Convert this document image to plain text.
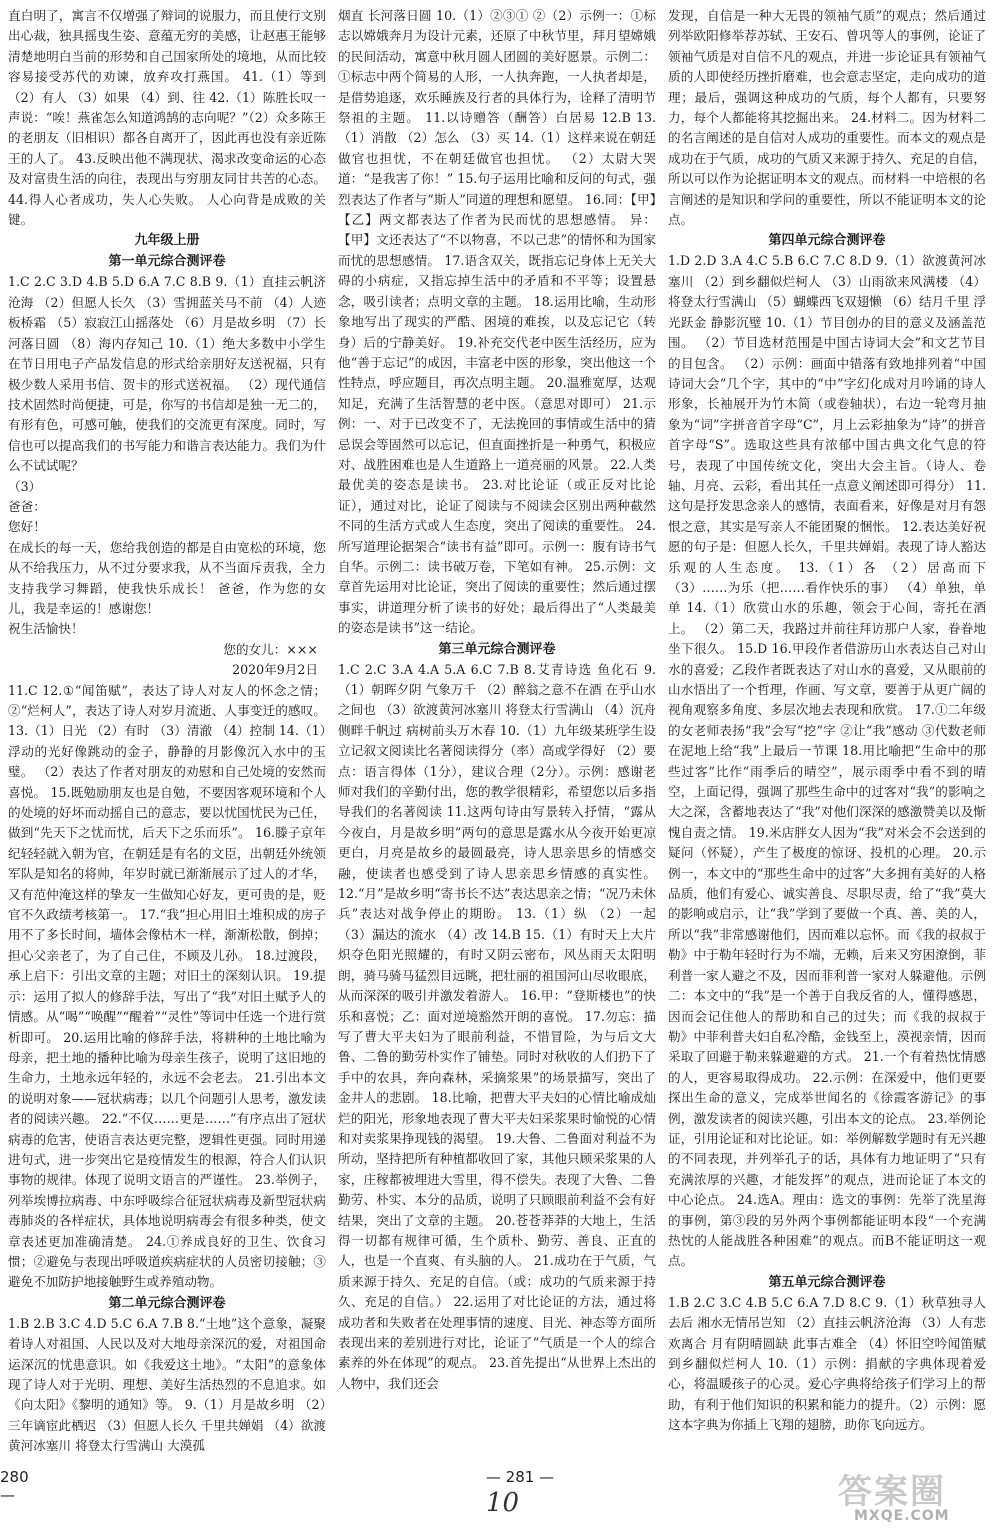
直白明了，寓言不仅增强了辩词的说服力，而且使行文别出心裁，独具摇曳生姿、意蕴无穷的美感，让赵惠王能够清楚地明白当前的形势和自己国家所处的境地，从而比较容易接受苏代的劝谏，放弃攻打燕国。 41.（1）等到 （2）有人 （3）如果 （4）到、往 42.（1）陈胜长叹一声说：“唉！燕雀怎么知道鸿鹄的志向呢？”（2）众多陈王的老朋友（旧相识）都各自离开了，因此再也没有亲近陈王的人了。 43.反映出他不满现状、渴求改变命运的心态及对富贵生活的向往，表现出与穷朋友同甘共苦的心态。 44.得人心者成功，失人心失败。 人心向背是成败的关键。

九年级上册

第一单元综合测评卷

1.C 2.C 3.D 4.B 5.D 6.A 7.C 8.B 9.（1）直挂云帆济沧海 （2）但愿人长久 （3）雪拥蓝关马不前 （4）人迹板桥霜 （5）寂寂江山摇落处 （6）月是故乡明 （7）长河落日圆 （8）海内存知己 10.（1）绝大多数中小学生在节日用电子产品发信息的形式给亲朋好友送祝福，只有极少数人采用书信、贺卡的形式送祝福。 （2）现代通信技术固然时尚便捷，可是，你写的书信却是独一无二的，有形有色，可感可触，使我们的交流更有深度。同时，写信也可以提高我们的书写能力和谐言表达能力。我们为什么不试试呢？

（3）

爸爸：

您好！

在成长的每一天，您给我创造的都是自由宽松的环境，您从不给我压力，从不过分要求我，从不当面斥责我，全力支持我学习舞蹈，使我快乐成长！ 爸爸，作为您的女儿，我是幸运的！感谢您！

祝生活愉快！

您的女儿：×××

2020年9月2日

11.C 12.①“闻笛赋”，表达了诗人对友人的怀念之情；②“烂柯人”，表达了诗人对岁月流逝、人事变迁的感叹。 13.（1）日光 （2）有时 （3）清澈 （4）控制 14.（1）浮动的光好像跳动的金子，静静的月影像沉入水中的玉璧。 （2）表达了作者对朋友的劝慰和自己处境的安然而喜悦。 15.既勉励朋友也是自勉，不要因客观环境和个人的处境的好坏而动摇自己的意志，要以忧国忧民为己任，做到“先天下之忧而忧，后天下之乐而乐”。 16.滕子京年纪轻轻就入朝为官，在朝廷是有名的文臣，出朝廷外统领军队是知名的将帅，年岁时就已渐渐展示了过人的才华，又有范仲淹这样的挚友一生做知心好友，更可贵的是，贬官不久政绩考核第一。 17.“我”担心用旧土堆积成的房子用不了多长时间，墙体会像枯木一样，渐渐松散，倒掉；担心父亲老了，为了自己住，不顾及儿孙。 18.过渡段，承上启下：引出文章的主题；对旧土的深刻认识。 19.提示：运用了拟人的修辞手法，写出了“我”对旧土赋予人的情感。从“喝”“唤醒”“醒着”“灵性”等词中任选一个进行赏析即可。 20.运用比喻的修辞手法，将耕种的土地比喻为母亲，把土地的播种比喻为母亲生孩子，说明了这旧地的生命力，土地永远年轻的，永远不会老去。 21.引出本文的说明对象——冠状病毒；以几个问题引人思考，激发读者的阅读兴趣。 22.“不仅……更是……”有序点出了冠状病毒的危害，使语言表达更完整，逻辑性更强。同时用递进句式，进一步突出它是疫情发生的根源，符合人们认识事物的规律。体现了说明文语言的严谨性。 23.举例子，列举埃博拉病毒、中东呼吸综合征冠状病毒及新型冠状病毒肺炎的各样症状，具体地说明病毒会有很多种类，使文章表述更加准确清楚。 24.①养成良好的卫生、饮食习惯；②避免与表现出呼吸道疾病症状的人员密切接触；③避免不加防护地接触野生或养殖动物。

第二单元综合测评卷

1.B 2.B 3.C 4.D 5.C 6.A 7.B 8.“土地”这个意象，凝聚着诗人对祖国、人民以及对大地母亲深沉的爱，对祖国命运深沉的忧患意识。如《我爱这土地》。“太阳”的意象体现了诗人对于光明、理想、美好生活热烈的不息追求。如《向太阳》《黎明的通知》等。 9.（1）月是故乡明 （2）三年谪宦此栖迟 （3）但愿人长久 千里共婵娟 （4）欲渡黄河冰塞川 将登太行雪满山 大漠孤

烟直 长河落日圆 10.（1）②③① ②（2）示例一：①标志以嫦娥奔月为设计元素，还原了中秋节里，拜月望嫦娥的民间活动，寓意中秋月圆人团圆的美好愿景。示例二：①标志中两个简易的人形，一人执奔跑，一人执者却是，是借势追逐，欢乐睡族及行者的具体行为，诠释了清明节祭祖的主题。 11.以诗赠答（酬答）白居易 12.B 13.（1）消散 （2）怎么 （3）买 14.（1）这样来说在朝廷做官也担忧，不在朝廷做官也担忧。 （2）太尉大哭道：“是我害了你！” 15.句子运用比喻和反问的句式，强烈表达了作者与“斯人”同道的理想和愿望。 16.同：【甲】【乙】两文都表达了作者为民而忧的思想感情。 异：【甲】文还表达了“不以物喜，不以己悲”的情怀和为国家而忧的思想感情。 17.语含双关，既指忘记身体上无关大碍的小病症，又指忘掉生活中的矛盾和不平等；设置悬念，吸引读者；点明文章的主题。 18.运用比喻，生动形象地写出了现实的严酷、困境的难挨，以及忘记它（转身）后的宁静美好。 19.补充交代老中医生活经历，应为他“善于忘记”的成因，丰富老中医的形象，突出他这一个性特点，呼应题目，再次点明主题。 20.温雅宽厚，达观知足，充满了生活智慧的老中医。（意思对即可） 21.示例：一、对于已改变不了，无法挽回的事情或生活中的猜忌误会等固然可以忘记，但直面挫折是一种勇气，积极应对、战胜困难也是人生道路上一道亮丽的风景。 22.人类最优美的姿态是读书。 23.对比论证（或正反对比论证），通过对比，论证了阅读与不阅读会区别出两种截然不同的生活方式或人生态度，突出了阅读的重要性。 24.所写道理论据架合“读书有益”即可。示例一：腹有诗书气自华。示例二：读书破万卷，下笔如有神。 25.示例：文章首先运用对比论证，突出了阅读的重要性；然后通过摆事实，讲道理分析了读书的好处；最后得出了“人类最美的姿态是读书”这一结论。

第三单元综合测评卷

1.C 2.C 3.A 4.A 5.A 6.C 7.B 8.艾青诗选 鱼化石 9.（1）朝晖夕阴 气象万千 （2）醉翁之意不在酒 在乎山水之间也 （3）欲渡黄河冰塞川 将登太行雪满山 （4）沉舟侧畔千帆过 病树前头万木春 10.（1）九年级某班学生设立记叙文阅读比名著阅读得分（率）高或学得好 （2）要点：语言得体（1分），建议合理（2分）。示例：感谢老师对我们的辛勤付出，您的教学很精彩，希望您以后多指导我们的名著阅读 11.这两句诗由写景转入抒情，“露从今夜白，月是故乡明”两句的意思是露水从今夜开始更凉更白，月亮是故乡的最圆最亮，诗人思亲思乡的情感交融，使读者也感受到了诗人思亲思乡情感的真实性。 12.“月”是故乡明“寄书长不达”表达思亲之情；“况乃未休兵”表达对战争停止的期盼。 13.（1）纵 （2）一起 （3）漏达的流水 （4）改 14.B 15.（1）有时天上大片炽夺色阳光照耀的，有时又阴云密布，风丛雨天太阳明朗，骑马骑马猛烈目远眺，把壮丽的祖国河山尽收眼底，从而深深的吸引并激发着游人。 16.甲：“登斯楼也”的快乐和喜悦；乙：面对逆境豁然开朗的喜悦。 17.勿忘：描写了曹大平夫妇为了眼前利益，不惜冒险，为与后文大鲁、二鲁的勤劳朴实作了铺垫。同时对秋收的人们扔下了手中的农具，奔向森林，采摘浆果”的场景描写，突出了金井人的悲剧。 18.比喻，把曹大平夫妇的心情比喻成灿烂的阳光，形象地表现了曹大平夫妇采浆果时愉悦的心情和对卖浆果挣现钱的渴望。 19.大鲁、二鲁面对利益不为所动，坚持把所有种植都收回了家，其他只顾采浆果的人家，庄稼都被埋进大雪里，得不偿失。表现了大鲁、二鲁勤劳、朴实、本分的品质，说明了只顾眼前利益不会有好结果，突出了文章的主题。 20.苍苍莽莽的大地上，生活得一切都有规律可循，生个质朴、勤劳、善良、正直的人，也是一个直爽、有头脑的人。 21.成功在于气质，气质来源于持久、充足的自信。（或：成功的气质来源于持久、充足的自信。） 22.运用了对比论证的方法，通过将成功者和失败者在处理事情的速度、目光、神态等方面所表现出来的差别进行对比，论证了“气质是一个人的综合素养的外在体现”的观点。 23.首先提出“从世界上杰出的人物中，我们还会

发现，自信是一种大无畏的领袖气质”的观点；然后通过列举欧阳修举荐苏轼、王安石、曾巩等人的事例，论证了领袖气质是对自信不凡的观点，并进一步论证具有领袖气质的人即使经历挫折磨难，也会意志坚定，走向成功的道理；最后，强调这种成功的气质，每个人都有，只要努力，每个人都能将其挖掘出来。 24.材料二。因为材料二的名言阐述的是自信对人成功的重要性。而本文的观点是成功在于气质，成功的气质又来源于持久、充足的自信，所以可以作为论据证明本文的观点。而材料一中培根的名言阐述的是知识和学问的重要性，所以不能证明本文的论点。

第四单元综合测评卷

1.D 2.D 3.A 4.C 5.B 6.C 7.C 8.D 9.（1）欲渡黄河冰塞川 （2）到乡翻似烂柯人 （3）山雨欲来风满楼 （4）将登太行雪满山 （5）蝴蝶西飞双翅懒 （6）结月千里 浮光跃金 静影沉璧 10.（1）节目创办的目的意义及涵盖范围。 （2）节目选材范围是中国古诗词大会”和文艺节目的目包含。 （2）示例：画面中错落有致地排列着“中国诗词大会”几个字，其中的“中”字幻化成对月吟诵的诗人形象，长袖展开为竹木简（或卷轴状），右边一轮弯月抽象为“词”字拼音首字母“C”，月上云彩抽象为“诗”的拼音首字母“S”。选取这些具有浓郁中国古典文化气息的符号，表现了中国传统文化，突出大会主旨。（诗人、卷轴、月亮、云彩，看出其任一点意义阐述即可得分） 11.这句是抒发思念亲人的感情，表面看来，好像是对月有怨恨之意，其实是写亲人不能团聚的悃怅。 12.表达美好祝愿的句子是：但愿人长久，千里共婵娟。表现了诗人豁达乐观的人生态度。 13.（1）各 （2）居高而下 （3）……为乐（把……看作快乐的事） （4）单独，单单 14.（1）欣赏山水的乐趣，领会于心间，寄托在酒上。 （2）第二天，我路过并前往拜访那户人家，眷眷地坐下很久。 15.D 16.甲段作者借游历山水表达自己对山水的喜爱；乙段作者既表达了对山水的喜爱，又从眼前的山水悟出了一个哲理，作画、写文章，要善于从更广阔的视角观察多角度、多层次地去表现和欣赏。 17.①二年级的女老师表扬“我”会写“挖”字 ②让“我”感动 ③代数老师在泥地上给“我”上最后一节课 18.用比喻把“生命中的那些过客”比作“雨季后的晴空”，展示雨季中看不到的晴空，上面记得，强调了那些生命中的过客对“我”的影响之大之深，含蓄地表达了“我”对他们深深的感激赞美以及惭愧自责之情。 19.米店胖女人因为“我”对米会不会送到的疑问（怀疑），产生了极度的惊讶、投机的心理。 20.示例一，本文中的“那些生命中的过客”大多拥有美好的人格品质，他们有爱心、诚实善良、尽职尽责，给了“我”莫大的影响或启示，让“我”学到了要做一个真、善、美的人，所以“我”非常感谢他们，因而难以忘怀。而《我的叔叔于勒》中于勒年轻时行为不端，无赖，后来又穷困潦倒，菲利普一家人避之不及，因而菲利普一家对人躲避他。示例二：本文中的“我”是一个善于自我反省的人，懂得感恩，因而会记住他人的帮助和自己的过失；而《我的叔叔于勒》中菲利普夫妇自私冷酷，金钱至上，漠视亲情，因而采取了回避于勒来躲避避的方式。 21.一个有着热忱情感的人，更容易取得成功。 22.示例：在深爱中，他们更要探出生命的意义，完成举世闻名的《徐霞客游记》的事例，激发读者的阅读兴趣，引出本文的论点。 23.举例论证，引用论证和对比论证。如：举例解数学题时有无兴趣的不同表现，并列举孔子的话，具体有力地证明了“只有充满浓厚的兴趣，才能发挥”的观点，进而论证了本文的中心论点。 24.选A。理由：选文的事例：先举了洗星海的事例，第③段的另外两个事例都能证明本段“一个充满热忱的人能战胜各种困难”的观点。而B不能证明这一观点。

第五单元综合测评卷

1.B 2.C 3.C 4.B 5.C 6.A 7.D 8.C 9.（1）秋草独寻人去后 湘水无情吊岂知 （2）直挂云帆济沧海 （3）人有悲欢离合 月有阴晴圆缺 此事古难全 （4）怀旧空吟闻笛赋 到乡翻似烂柯人 10.（1）示例：捐献的字典体现着爱心，将温暖孩子的心灵。爱心字典将给孩子们学习上的帮助，有利于他们知识的积累和能力的提升。（2）示例：愿这本字典为你插上飞翔的翅膀，助你飞向远方。

280 —
— 281 —
10	答案圈
MXQE.COM
